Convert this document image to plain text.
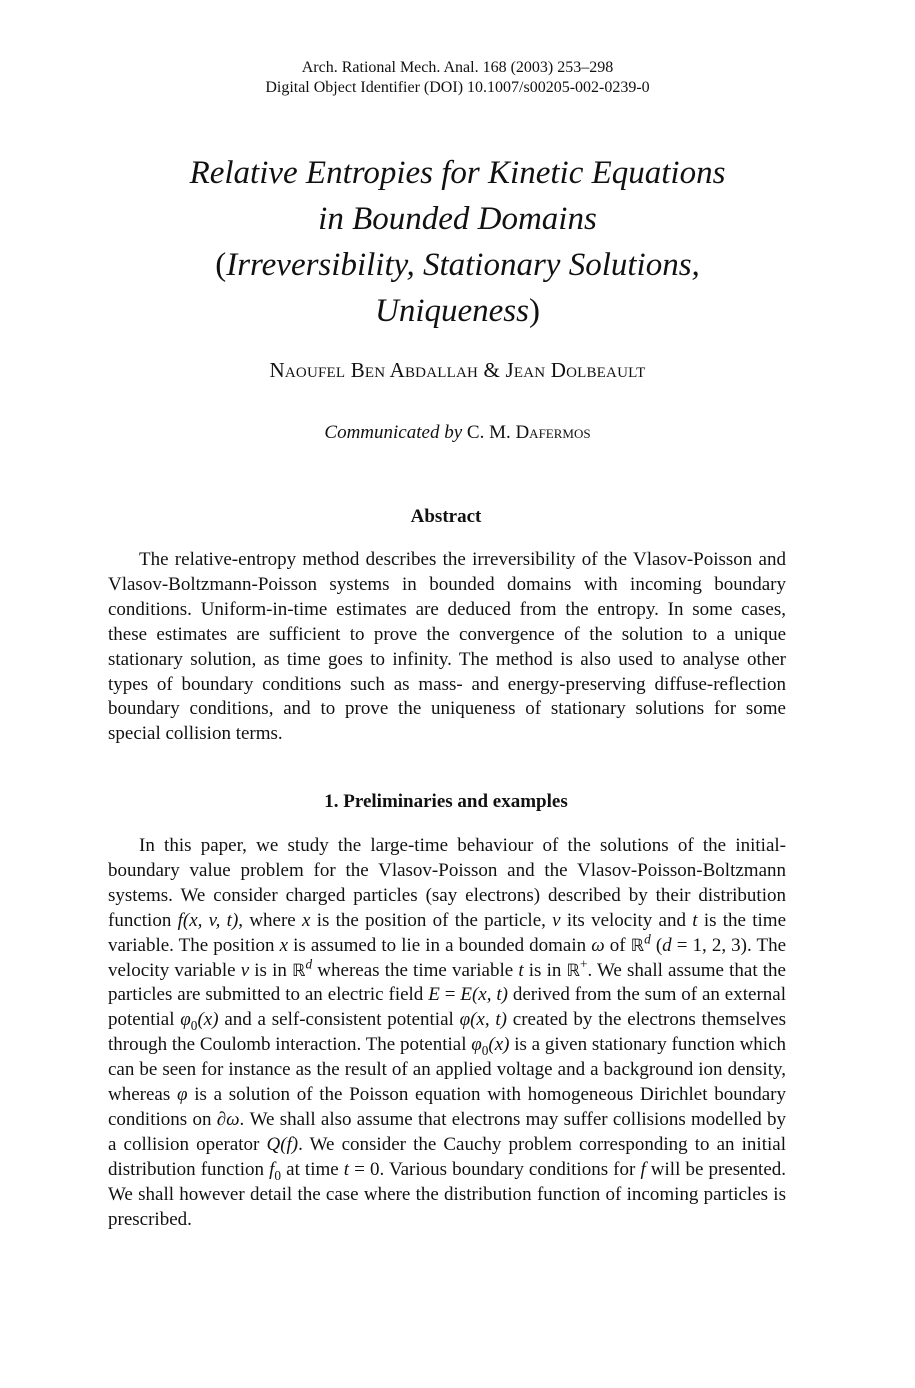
Arch. Rational Mech. Anal. 168 (2003) 253–298
Digital Object Identifier (DOI) 10.1007/s00205-002-0239-0
Relative Entropies for Kinetic Equations
in Bounded Domains
(Irreversibility, Stationary Solutions,
Uniqueness)
Naoufel Ben Abdallah & Jean Dolbeault
Communicated by C. M. Dafermos
Abstract

The relative-entropy method describes the irreversibility of the Vlasov-Poisson and Vlasov-Boltzmann-Poisson systems in bounded domains with incoming boundary conditions. Uniform-in-time estimates are deduced from the entropy. In some cases, these estimates are sufficient to prove the convergence of the solution to a unique stationary solution, as time goes to infinity. The method is also used to analyse other types of boundary conditions such as mass- and energy-preserving diffuse-reflection boundary conditions, and to prove the uniqueness of stationary solutions for some special collision terms.

1. Preliminaries and examples

In this paper, we study the large-time behaviour of the solutions of the initial-boundary value problem for the Vlasov-Poisson and the Vlasov-Poisson-Boltzmann systems. We consider charged particles (say electrons) described by their distribution function f(x, v, t), where x is the position of the particle, v its velocity and t is the time variable. The position x is assumed to lie in a bounded domain ω of ℝ$^d$ (d = 1, 2, 3). The velocity variable v is in ℝ$^d$ whereas the time variable t is in ℝ+. We shall assume that the particles are submitted to an electric field E = E(x, t) derived from the sum of an external potential $\varphi_0(x)$ and a self-consistent potential φ(x, t) created by the electrons themselves through the Coulomb interaction. The potential $\varphi_0(x)$ is a given stationary function which can be seen for instance as the result of an applied voltage and a background ion density, whereas φ is a solution of the Poisson equation with homogeneous Dirichlet boundary conditions on ∂ω. We shall also assume that electrons may suffer collisions modelled by a collision operator Q(f). We consider the Cauchy problem corresponding to an initial distribution function $f_0$ at time t = 0. Various boundary conditions for f will be presented. We shall however detail the case where the distribution function of incoming particles is prescribed.
